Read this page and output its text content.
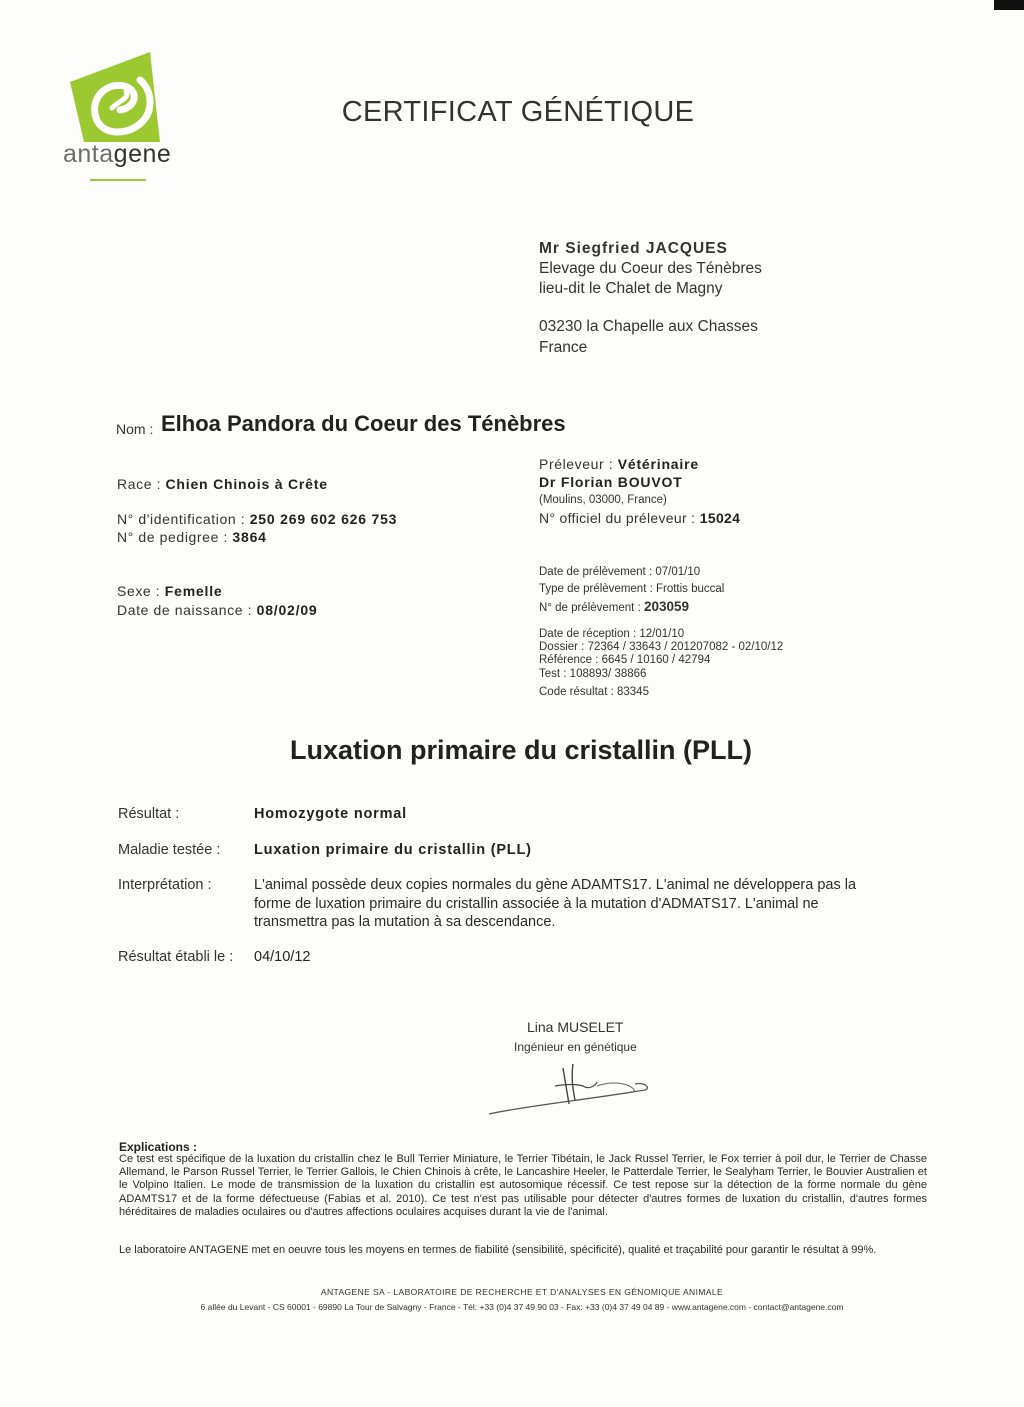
antagene
CERTIFICAT GÉNÉTIQUE
Mr Siegfried JACQUES
Elevage du Coeur des Ténèbres
lieu-dit le Chalet de Magny
03230 la Chapelle aux Chasses
France
Nom : Elhoa Pandora du Coeur des Ténèbres
Race : Chien Chinois à Crête
N° d'identification : 250 269 602 626 753
N° de pedigree : 3864
Sexe : Femelle
Date de naissance : 08/02/09
Préleveur : Vétérinaire
Dr Florian BOUVOT
(Moulins, 03000, France)
N° officiel du préleveur : 15024
Date de prélèvement : 07/01/10
Type de prélèvement : Frottis buccal
N° de prélèvement : 203059
Date de réception : 12/01/10
Dossier : 72364 / 33643 / 201207082 - 02/10/12
Référence : 6645 / 10160 / 42794
Test : 108893/ 38866
Code résultat : 83345
Luxation primaire du cristallin (PLL)
Résultat :	Homozygote normal
Maladie testée : Luxation primaire du cristallin (PLL)
Interprétation :	L'animal possède deux copies normales du gène ADAMTS17. L'animal ne développera pas la forme de luxation primaire du cristallin associée à la mutation d'ADMATS17. L'animal ne transmettra pas la mutation à sa descendance.
Résultat établi le : 04/10/12
Lina MUSELET
Ingénieur en génétique
Explications :
Ce test est spécifique de la luxation du cristallin chez le Bull Terrier Miniature, le Terrier Tibétain, le Jack Russel Terrier, le Fox terrier à poil dur, le Terrier de Chasse Allemand, le Parson Russel Terrier, le Terrier Gallois, le Chien Chinois à crête, le Lancashire Heeler, le Patterdale Terrier, le Sealyham Terrier, le Bouvier Australien et le Volpino Italien. Le mode de transmission de la luxation du cristallin est autosomique récessif. Ce test repose sur la détection de la forme normale du gène ADAMTS17 et de la forme défectueuse (Fabias et al. 2010). Ce test n'est pas utilisable pour détecter d'autres formes de luxation du cristallin, d'autres formes héréditaires de maladies oculaires ou d'autres affections oculaires acquises durant la vie de l'animal.
Le laboratoire ANTAGENE met en oeuvre tous les moyens en termes de fiabilité (sensibilité, spécificité), qualité et traçabilité pour garantir le résultat à 99%.
ANTAGENE SA - LABORATOIRE DE RECHERCHE ET D'ANALYSES EN GÉNOMIQUE ANIMALE
6 allée du Levant - CS 60001 - 69890 La Tour de Salvagny - France - Tél: +33 (0)4 37 49 90 03 - Fax: +33 (0)4 37 49 04 89 - www.antagene.com - contact@antagene.com
